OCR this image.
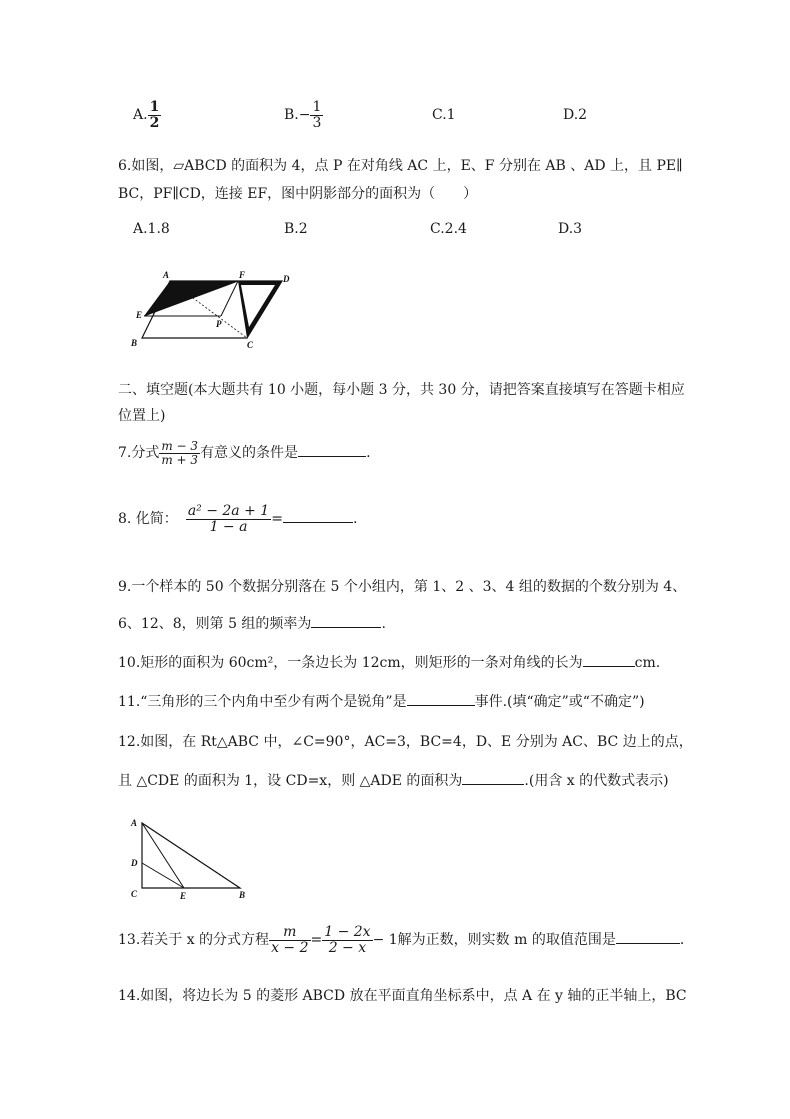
A. $\frac{1}{2}$	$B.- \frac{1}{3}$	C.1	D.2
6.如图，▱ABCD 的面积为 4，点 P 在对角线 AC 上，E、F 分别在 AB 、AD 上，且 PE∥
BC，PF∥CD，连接 EF，图中阴影部分的面积为（　　）
A.1.8	B.2	C.2.4	D.3
A	F	D
E
P
B	C
二、填空题(本大题共有 10 小题，每小题 3 分，共 30 分，请把答案直接填写在答题卡相应
位置上)
7.分式 $\frac{m - 3}{m + 3}$ 有意义的条件是	.
8. 化简： $\frac{\text{a² − 2a + 1}}{1 - a}$ =	.
9.一个样本的 50 个数据分别落在 5 个小组内，第 1、2 、3、4 组的数据的个数分别为 4、
6、12、8，则第 5 组的频率为	.
10.矩形的面积为 60cm²，一条边长为 12cm，则矩形的一条对角线的长为	cm.
11.“三角形的三个内角中至少有两个是锐角”是	事件.(填“确定”或“不确定”)
12.如图，在 Rt△ABC 中，∠C=90°，AC=3，BC=4，D、E 分别为 AC、BC 边上的点，
且 △CDE 的面积为 1，设 CD=x，则 △ADE 的面积为	.(用含 x 的代数式表示)
A
D
C	E	B
13.若关于 x 的分式方程 $\frac{m}{x - 2} = \frac{1 - 2x}{2 - x} - 1$解为正数，则实数 m 的取值范围是	.
14.如图，将边长为 5 的菱形 ABCD 放在平面直角坐标系中，点 A 在 y 轴的正半轴上，BC
